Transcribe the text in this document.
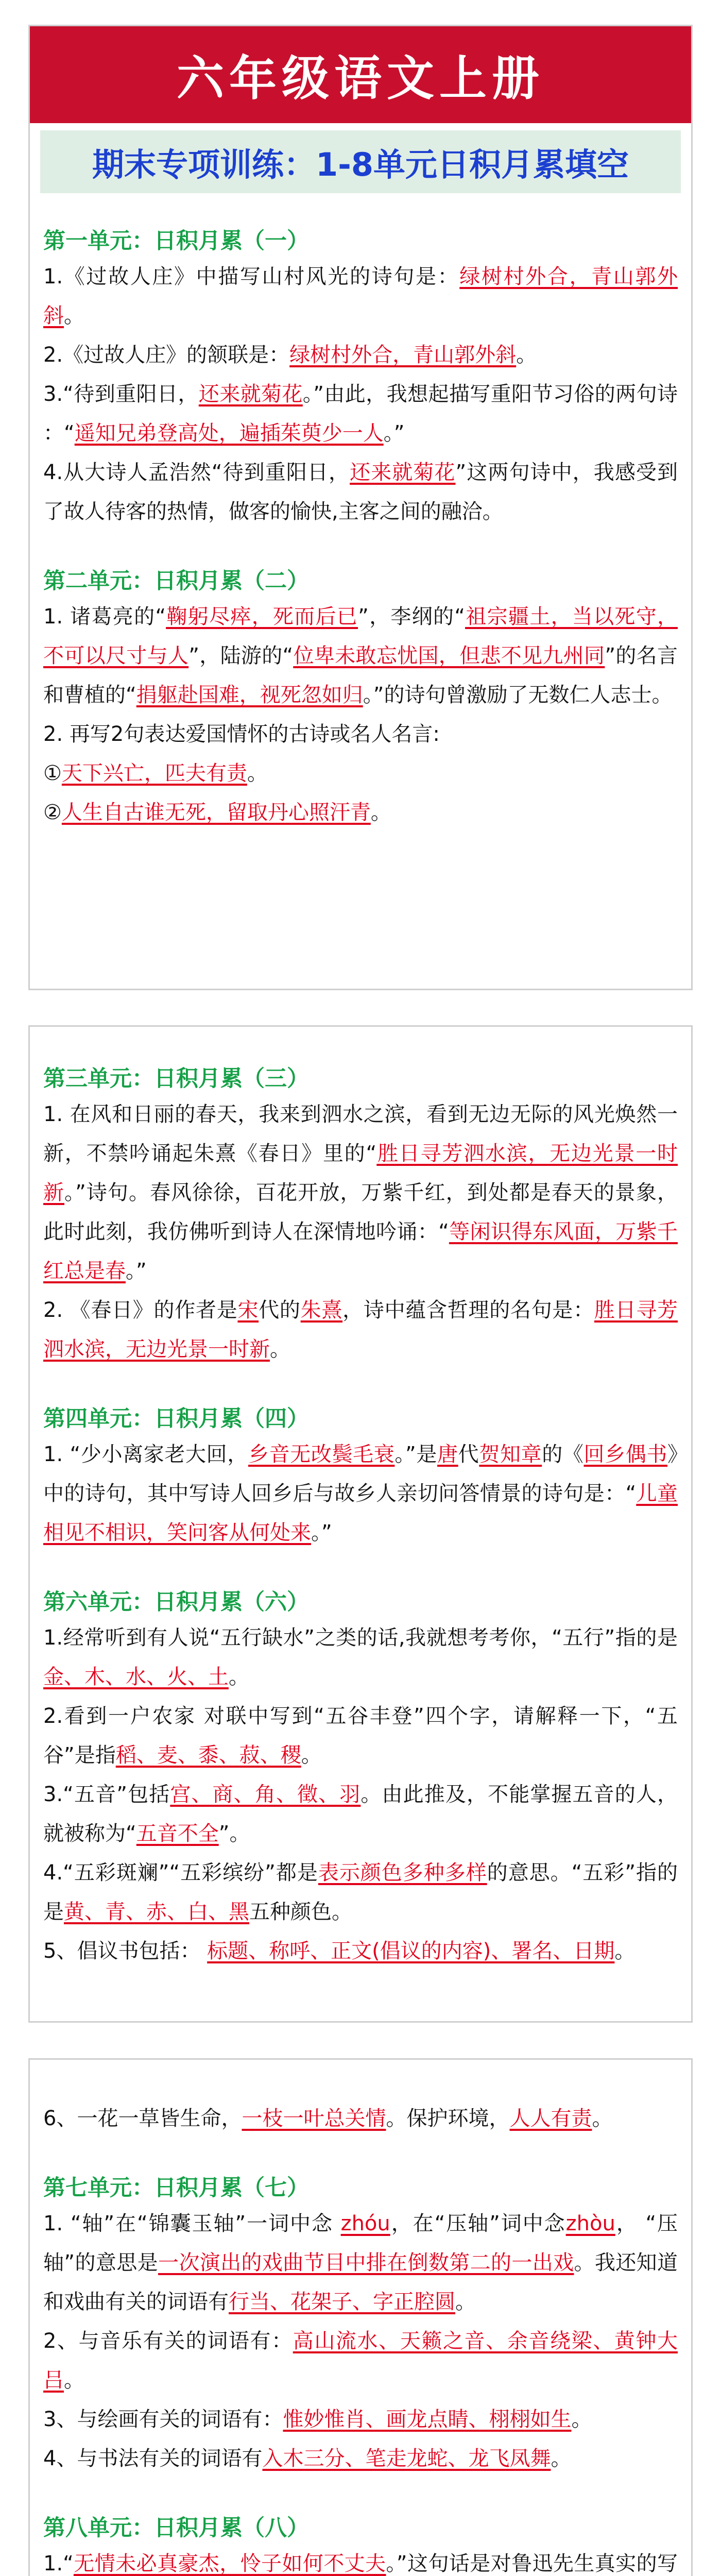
六年级语文上册
期末专项训练：1-8单元日积月累填空
第一单元：日积月累（一）
1.《过故人庄》中描写山村风光的诗句是：绿树村外合，青山郭外斜。
2.《过故人庄》的颔联是：绿树村外合，青山郭外斜。
3.“待到重阳日，还来就菊花。”由此，我想起描写重阳节习俗的两句诗 ：“遥知兄弟登高处，遍插茱萸少一人。”
4.从大诗人孟浩然“待到重阳日，还来就菊花”这两句诗中，我感受到了故人待客的热情，做客的愉快,主客之间的融洽。
第二单元：日积月累（二）
1. 诸葛亮的“鞠躬尽瘁，死而后已”，李纲的“祖宗疆土，当以死守，不可以尺寸与人”，陆游的“位卑未敢忘忧国，但悲不见九州同”的名言和曹植的“捐躯赴国难，视死忽如归。”的诗句曾激励了无数仁人志士。
2. 再写2句表达爱国情怀的古诗或名人名言:
①天下兴亡，匹夫有责。
②人生自古谁无死，留取丹心照汗青。
第三单元：日积月累（三）
1. 在风和日丽的春天，我来到泗水之滨，看到无边无际的风光焕然一新，不禁吟诵起朱熹《春日》里的“胜日寻芳泗水滨，无边光景一时新。”诗句。春风徐徐，百花开放，万紫千红，到处都是春天的景象，此时此刻，我仿佛听到诗人在深情地吟诵：“等闲识得东风面，万紫千红总是春。”
2. 《春日》的作者是宋代的朱熹，诗中蕴含哲理的名句是：胜日寻芳泗水滨，无边光景一时新。
第四单元：日积月累（四）
1. “少小离家老大回，乡音无改鬓毛衰。”是唐代贺知章的《回乡偶书》中的诗句，其中写诗人回乡后与故乡人亲切问答情景的诗句是：“儿童相见不相识，笑问客从何处来。”
第六单元：日积月累（六）
1.经常听到有人说“五行缺水”之类的话,我就想考考你，“五行”指的是金、木、水、火、土。
2.看到一户农家 对联中写到“五谷丰登”四个字，请解释一下，“五谷”是指稻、麦、黍、菽、稷。
3.“五音”包括宫、商、角、徵、羽。由此推及，不能掌握五音的人，就被称为“五音不全”。
4.“五彩斑斓”“五彩缤纷”都是表示颜色多种多样的意思。“五彩”指的是黄、青、赤、白、黑五种颜色。
5、倡议书包括： 标题、称呼、正文(倡议的内容)、署名、日期。
6、一花一草皆生命，一枝一叶总关情。保护环境，人人有责。
第七单元：日积月累（七）
1. “轴”在“锦囊玉轴”一词中念 zhóu，在“压轴”词中念zhòu， “压轴”的意思是一次演出的戏曲节目中排在倒数第二的一出戏。我还知道和戏曲有关的词语有行当、花架子、字正腔圆。
2、与音乐有关的词语有：高山流水、天籁之音、余音绕梁、黄钟大吕。
3、与绘画有关的词语有：惟妙惟肖、画龙点睛、栩栩如生。
4、与书法有关的词语有入木三分、笔走龙蛇、龙飞凤舞。
第八单元：日积月累（八）
1.“无情未必真豪杰，怜子如何不丈夫。”这句话是对鲁迅先生真实的写
